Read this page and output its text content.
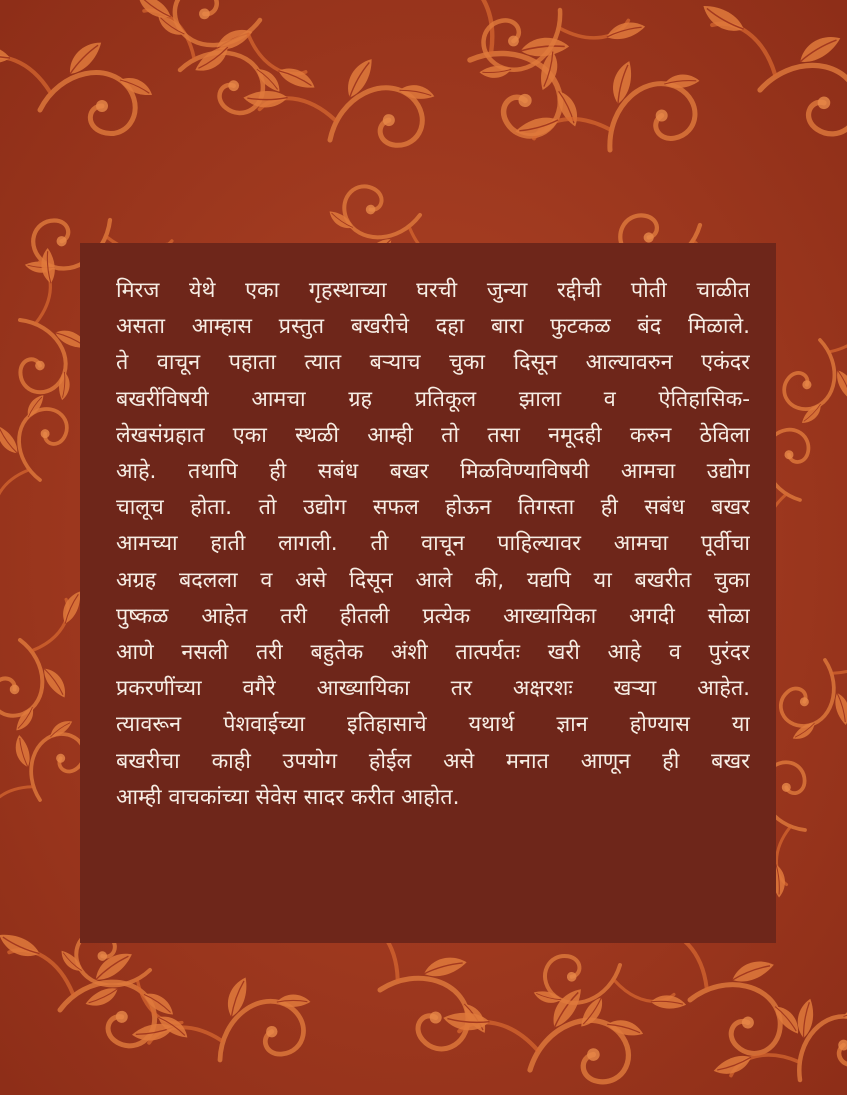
मिरज येथे एका गृहस्थाच्या घरची जुन्या रद्दीची पोती चाळीत
असता आम्हास प्रस्तुत बखरीचे दहा बारा फुटकळ बंद मिळाले.
ते वाचून पहाता त्यात बऱ्याच चुका दिसून आल्यावरुन एकंदर
बखरींविषयी आमचा ग्रह प्रतिकूल झाला व ऐतिहासिक-
लेखसंग्रहात एका स्थळी आम्ही तो तसा नमूदही करुन ठेविला
आहे. तथापि ही सबंध बखर मिळविण्याविषयी आमचा उद्योग
चालूच होता. तो उद्योग सफल होऊन तिगस्ता ही सबंध बखर
आमच्या हाती लागली. ती वाचून पाहिल्यावर आमचा पूर्वीचा
अग्रह बदलला व असे दिसून आले की, यद्यपि या बखरीत चुका
पुष्कळ आहेत तरी हीतली प्रत्येक आख्यायिका अगदी सोळा
आणे नसली तरी बहुतेक अंशी तात्पर्यतः खरी आहे व पुरंदर
प्रकरणींच्या वगैरे आख्यायिका तर अक्षरशः खऱ्या आहेत.
त्यावरून पेशवाईच्या इतिहासाचे यथार्थ ज्ञान होण्यास या
बखरीचा काही उपयोग होईल असे मनात आणून ही बखर
आम्ही वाचकांच्या सेवेस सादर करीत आहोत.
